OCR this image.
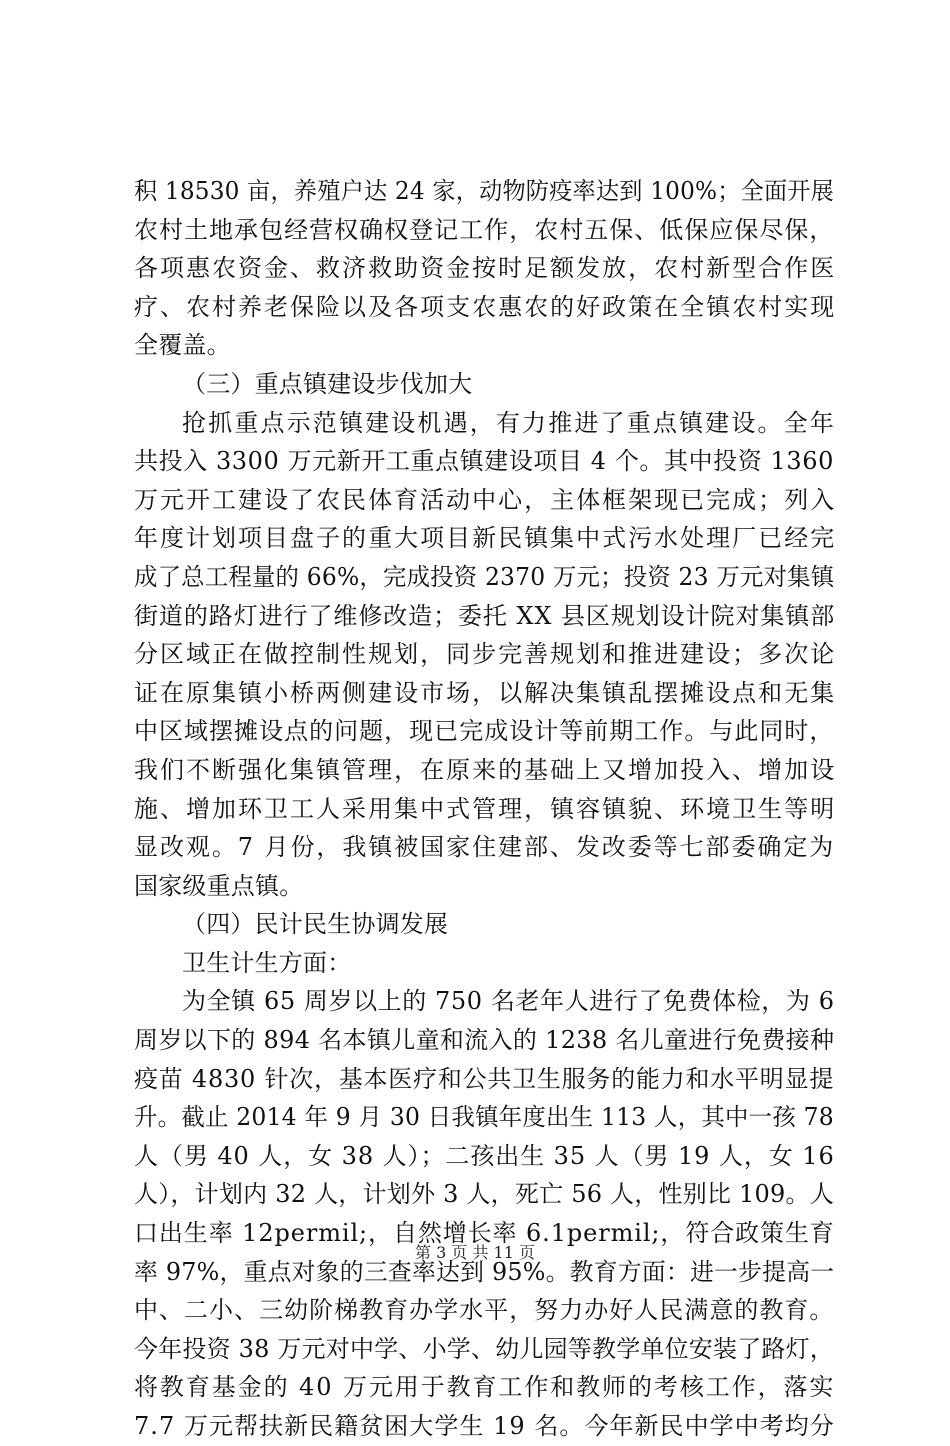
积 18530 亩，养殖户达 24 家，动物防疫率达到 100%；全面开展
农村土地承包经营权确权登记工作，农村五保、低保应保尽保，
各项惠农资金、救济救助资金按时足额发放，农村新型合作医
疗、农村养老保险以及各项支农惠农的好政策在全镇农村实现
全覆盖。
（三）重点镇建设步伐加大
抢抓重点示范镇建设机遇，有力推进了重点镇建设。全年
共投入 3300 万元新开工重点镇建设项目 4 个。其中投资 1360
万元开工建设了农民体育活动中心，主体框架现已完成；列入
年度计划项目盘子的重大项目新民镇集中式污水处理厂已经完
成了总工程量的 66%，完成投资 2370 万元；投资 23 万元对集镇
街道的路灯进行了维修改造；委托 XX 县区规划设计院对集镇部
分区域正在做控制性规划，同步完善规划和推进建设；多次论
证在原集镇小桥两侧建设市场，以解决集镇乱摆摊设点和无集
中区域摆摊设点的问题，现已完成设计等前期工作。与此同时，
我们不断强化集镇管理，在原来的基础上又增加投入、增加设
施、增加环卫工人采用集中式管理，镇容镇貌、环境卫生等明
显改观。7 月份，我镇被国家住建部、发改委等七部委确定为
国家级重点镇。
（四）民计民生协调发展
卫生计生方面：
为全镇 65 周岁以上的 750 名老年人进行了免费体检，为 6
周岁以下的 894 名本镇儿童和流入的 1238 名儿童进行免费接种
疫苗 4830 针次，基本医疗和公共卫生服务的能力和水平明显提
升。截止 2014 年 9 月 30 日我镇年度出生 113 人，其中一孩 78
人（男 40 人，女 38 人）；二孩出生 35 人（男 19 人，女 16
人），计划内 32 人，计划外 3 人，死亡 56 人，性别比 109。人
口出生率 12permil;，自然增长率 6.1permil;，符合政策生育
率 97%，重点对象的三查率达到 95%。教育方面：进一步提高一
中、二小、三幼阶梯教育办学水平，努力办好人民满意的教育。
今年投资 38 万元对中学、小学、幼儿园等教学单位安装了路灯，
将教育基金的 40 万元用于教育工作和教师的考核工作，落实
7.7 万元帮扶新民籍贫困大学生 19 名。今年新民中学中考均分
第 3 页 共 11 页
